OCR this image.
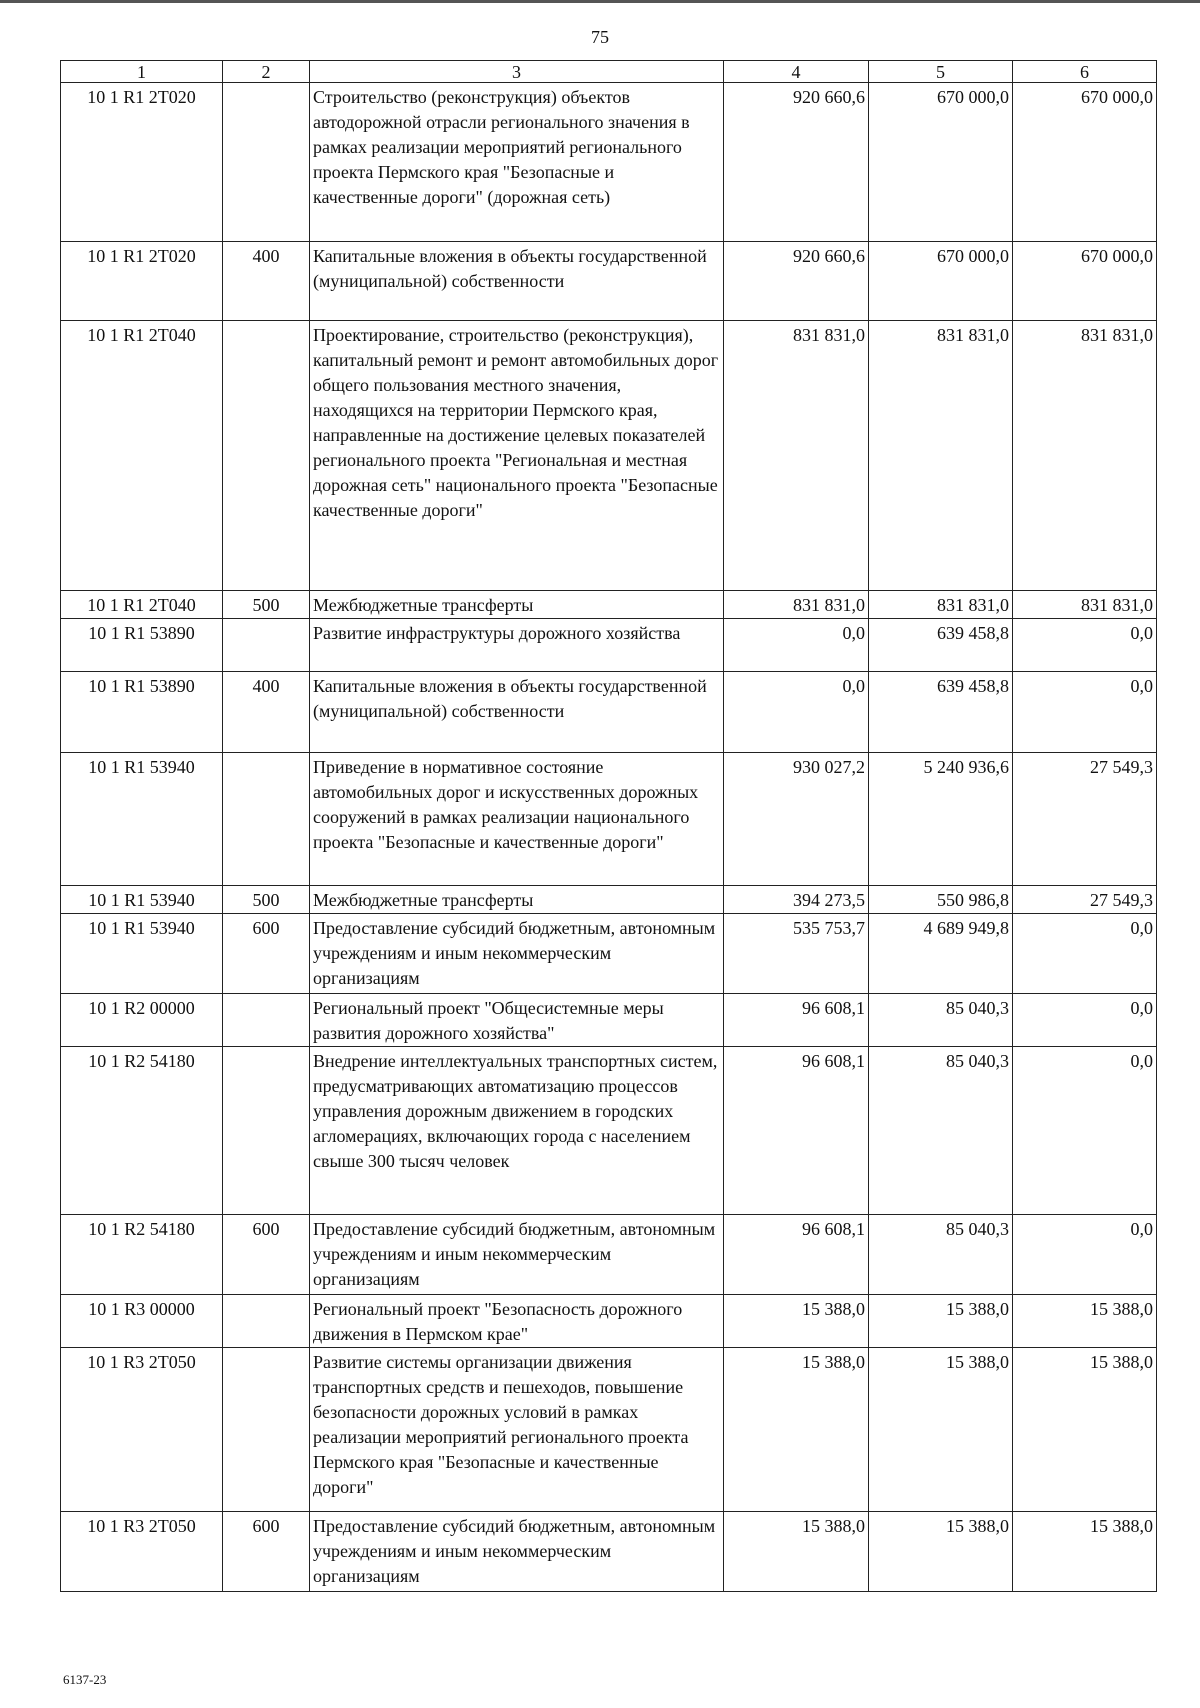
75
1	2	3	4	5	6
10 1 R1 2Т020		Строительство (реконструкция) объектов автодорожной отрасли регионального значения в рамках реализации мероприятий регионального проекта Пермского края "Безопасные и качественные дороги" (дорожная сеть)	920 660,6	670 000,0	670 000,0
10 1 R1 2Т020	400	Капитальные вложения в объекты государственной (муниципальной) собственности	920 660,6	670 000,0	670 000,0
10 1 R1 2Т040		Проектирование, строительство (реконструкция), капитальный ремонт и ремонт автомобильных дорог общего пользования местного значения, находящихся на территории Пермского края, направленные на достижение целевых показателей регионального проекта "Региональная и местная дорожная сеть" национального проекта "Безопасные качественные дороги"	831 831,0	831 831,0	831 831,0
10 1 R1 2Т040	500	Межбюджетные трансферты	831 831,0	831 831,0	831 831,0
10 1 R1 53890		Развитие инфраструктуры дорожного хозяйства	0,0	639 458,8	0,0
10 1 R1 53890	400	Капитальные вложения в объекты государственной (муниципальной) собственности	0,0	639 458,8	0,0
10 1 R1 53940		Приведение в нормативное состояние автомобильных дорог и искусственных дорожных сооружений в рамках реализации национального проекта "Безопасные и качественные дороги"	930 027,2	5 240 936,6	27 549,3
10 1 R1 53940	500	Межбюджетные трансферты	394 273,5	550 986,8	27 549,3
10 1 R1 53940	600	Предоставление субсидий бюджетным, автономным учреждениям и иным некоммерческим организациям	535 753,7	4 689 949,8	0,0
10 1 R2 00000		Региональный проект "Общесистемные меры развития дорожного хозяйства"	96 608,1	85 040,3	0,0
10 1 R2 54180		Внедрение интеллектуальных транспортных систем, предусматривающих автоматизацию процессов управления дорожным движением в городских агломерациях, включающих города с населением свыше 300 тысяч человек	96 608,1	85 040,3	0,0
10 1 R2 54180	600	Предоставление субсидий бюджетным, автономным учреждениям и иным некоммерческим организациям	96 608,1	85 040,3	0,0
10 1 R3 00000		Региональный проект "Безопасность дорожного движения в Пермском крае"	15 388,0	15 388,0	15 388,0
10 1 R3 2Т050		Развитие системы организации движения транспортных средств и пешеходов, повышение безопасности дорожных условий в рамках реализации мероприятий регионального проекта Пермского края "Безопасные и качественные дороги"	15 388,0	15 388,0	15 388,0
10 1 R3 2Т050	600	Предоставление субсидий бюджетным, автономным учреждениям и иным некоммерческим организациям	15 388,0	15 388,0	15 388,0
6137-23
